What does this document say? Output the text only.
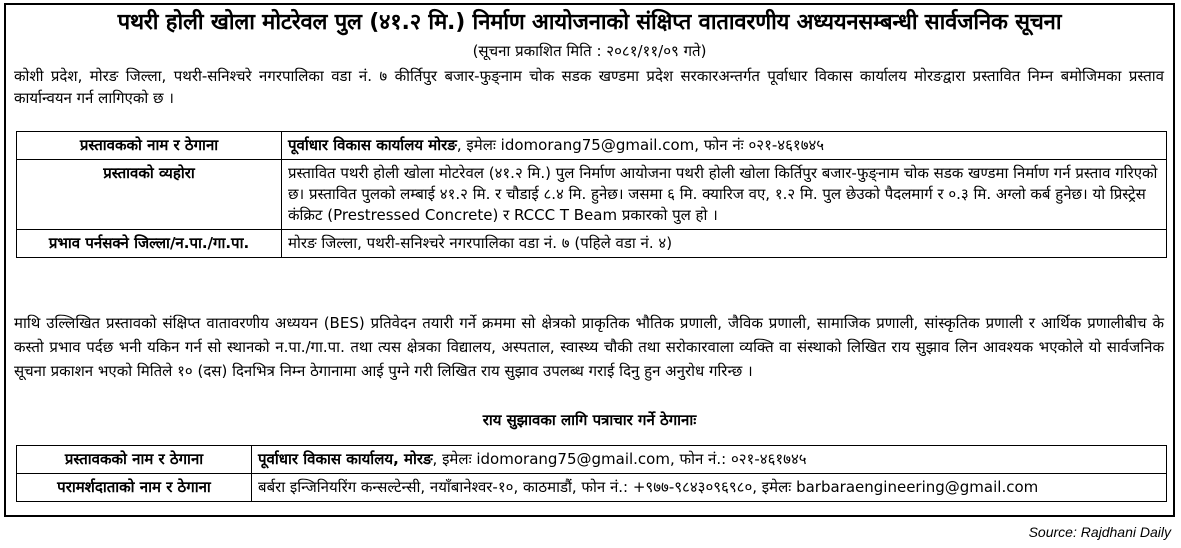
पथरी होली खोला मोटरेवल पुल (४१.२ मि.) निर्माण आयोजनाको संक्षिप्त वातावरणीय अध्ययनसम्बन्धी सार्वजनिक सूचना
(सूचना प्रकाशित मिति : २०८१/११/०९ गते)
कोशी प्रदेश, मोरङ जिल्ला, पथरी-सनिश्चरे नगरपालिका वडा नं. ७ कीर्तिपुर बजार-फुङ्नाम चोक सडक खण्डमा प्रदेश सरकारअन्तर्गत पूर्वाधार विकास कार्यालय मोरङद्वारा प्रस्तावित निम्न बमोजिमका प्रस्ताव कार्यान्वयन गर्न लागिएको छ ।
प्रस्तावकको नाम र ठेगाना	पूर्वाधार विकास कार्यालय मोरङ, इमेलः idomorang75@gmail.com, फोन नंः ०२१-४६१७४५
प्रस्तावको व्यहोरा	प्रस्तावित पथरी होली खोला मोटरेवल (४१.२ मि.) पुल निर्माण आयोजना पथरी होली खोला किर्तिपुर बजार-फुङ्नाम चोक सडक खण्डमा निर्माण गर्न प्रस्ताव गरिएको छ। प्रस्तावित पुलको लम्बाई ४१.२ मि. र चौडाई ८.४ मि. हुनेछ। जसमा ६ मि. क्यारिज वए, १.२ मि. पुल छेउको पैदलमार्ग र ०.३ मि. अग्लो कर्ब हुनेछ। यो प्रिस्ट्रेस कंक्रिट (Prestressed Concrete) र RCCC T Beam प्रकारको पुल हो ।
प्रभाव पर्नसक्ने जिल्ला/न.पा./गा.पा.	मोरङ जिल्ला, पथरी-सनिश्चरे नगरपालिका वडा नं. ७ (पहिले वडा नं. ४)
माथि उल्लिखित प्रस्तावको संक्षिप्त वातावरणीय अध्ययन (BES) प्रतिवेदन तयारी गर्ने क्रममा सो क्षेत्रको प्राकृतिक भौतिक प्रणाली, जैविक प्रणाली, सामाजिक प्रणाली, सांस्कृतिक प्रणाली र आर्थिक प्रणालीबीच के कस्तो प्रभाव पर्दछ भनी यकिन गर्न सो स्थानको न.पा./गा.पा. तथा त्यस क्षेत्रका विद्यालय, अस्पताल, स्वास्थ्य चौकी तथा सरोकारवाला व्यक्ति वा संस्थाको लिखित राय सुझाव लिन आवश्यक भएकोले यो सार्वजनिक सूचना प्रकाशन भएको मितिले १० (दस) दिनभित्र निम्न ठेगानामा आई पुग्ने गरी लिखित राय सुझाव उपलब्ध गराई दिनु हुन अनुरोध गरिन्छ ।
राय सुझावका लागि पत्राचार गर्ने ठेगानाः
प्रस्तावकको नाम र ठेगाना	पूर्वाधार विकास कार्यालय, मोरङ, इमेलः idomorang75@gmail.com, फोन नं.: ०२१-४६१७४५
परामर्शदाताको नाम र ठेगाना	बर्बरा इन्जिनियरिंग कन्सल्टेन्सी, नयाँबानेश्वर-१०, काठमाडौं, फोन नं.: +९७७-९८४३०९६९८०, इमेलः barbaraengineering@gmail.com
Source: Rajdhani Daily
